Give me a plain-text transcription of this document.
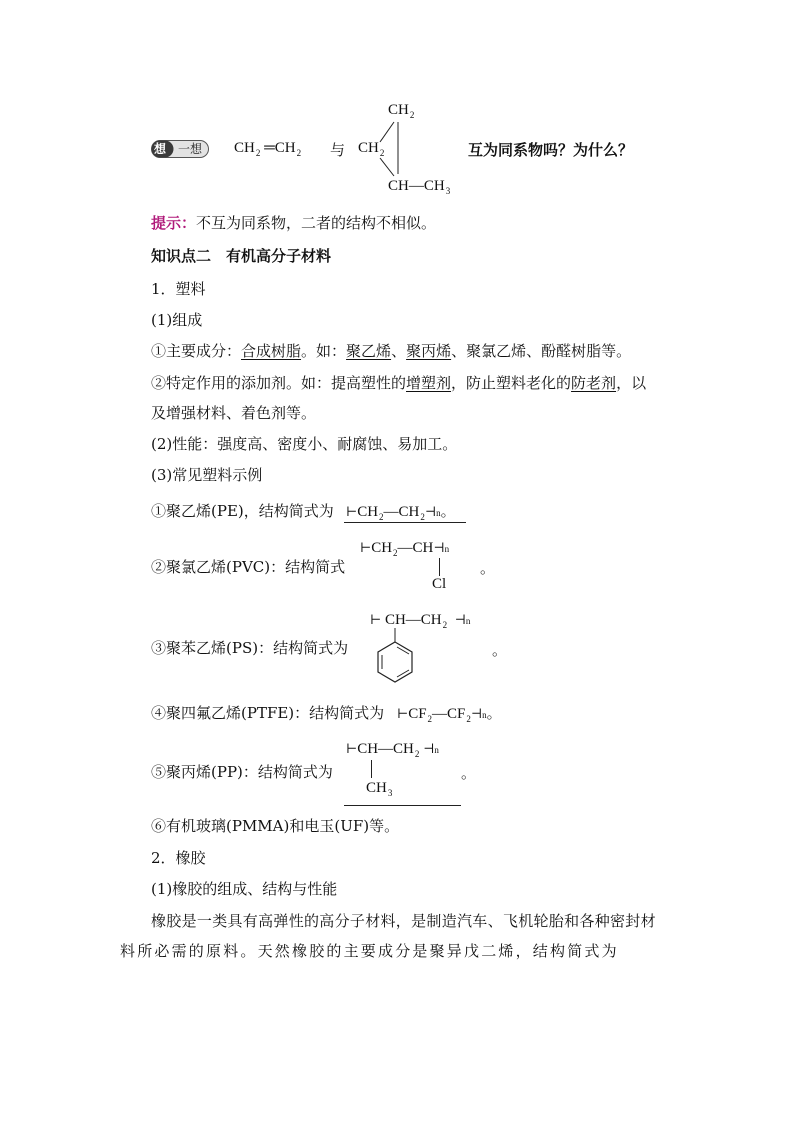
想 一想 $CH_2$ $═CH_2$ 与
$CH_2$
$CH_2$
$CH—CH_3$
互为同系物吗？为什么？
提示：不互为同系物，二者的结构不相似。
知识点二　有机高分子材料
1．塑料
(1)组成
①主要成分：合成树脂。如：聚乙烯、聚丙烯、聚氯乙烯、酚醛树脂等。
②特定作用的添加剂。如：提高塑性的增塑剂，防止塑料老化的防老剂，以
及增强材料、着色剂等。
(2)性能：强度高、密度小、耐腐蚀、易加工。
(3)常见塑料示例
①聚乙烯(PE)，结构简式为 $⊢CH_2—CH_2⊣n$。
②聚氯乙烯(PVC)：结构简式
$⊢CH_2—CH⊣n$
Cl
。
③聚苯乙烯(PS)：结构简式为
⊢ $CH—CH_2$ ⊣n
。
④聚四氟乙烯(PTFE)：结构简式为 $⊢CF_2—CF_2⊣n$。
⑤聚丙烯(PP)：结构简式为
$⊢CH—CH_2$ ⊣n
$CH_3$
。
⑥有机玻璃(PMMA)和电玉(UF)等。
2．橡胶
(1)橡胶的组成、结构与性能
橡胶是一类具有高弹性的高分子材料，是制造汽车、飞机轮胎和各种密封材
料所必需的原料。天然橡胶的主要成分是聚异戊二烯，结构简式为
